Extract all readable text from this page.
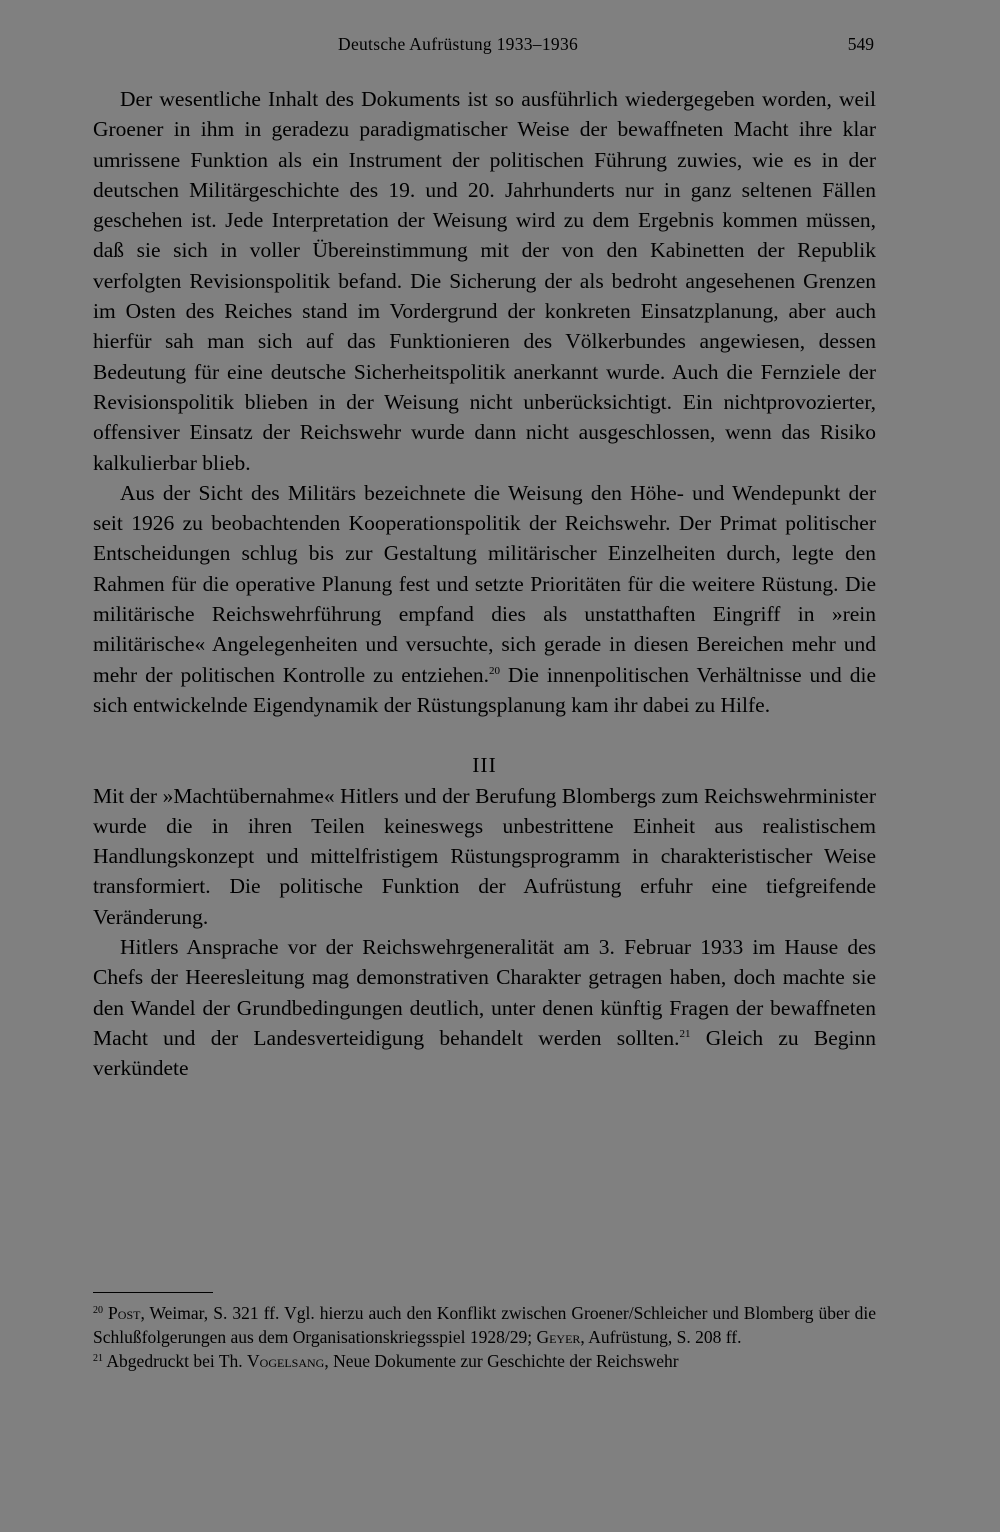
Deutsche Aufrüstung 1933–1936	549

Der wesentliche Inhalt des Dokuments ist so ausführlich wiedergegeben worden, weil Groener in ihm in geradezu paradigmatischer Weise der bewaffneten Macht ihre klar umrissene Funktion als ein Instrument der politischen Führung zuwies, wie es in der deutschen Militärgeschichte des 19. und 20. Jahrhunderts nur in ganz seltenen Fällen geschehen ist. Jede Interpretation der Weisung wird zu dem Ergebnis kommen müssen, daß sie sich in voller Übereinstimmung mit der von den Kabinetten der Republik verfolgten Revisionspolitik befand. Die Sicherung der als bedroht angesehenen Grenzen im Osten des Reiches stand im Vordergrund der konkreten Einsatzplanung, aber auch hierfür sah man sich auf das Funktionieren des Völkerbundes angewiesen, dessen Bedeutung für eine deutsche Sicherheitspolitik anerkannt wurde. Auch die Fernziele der Revisionspolitik blieben in der Weisung nicht unberücksichtigt. Ein nichtprovozierter, offensiver Einsatz der Reichswehr wurde dann nicht ausgeschlossen, wenn das Risiko kalkulierbar blieb.

Aus der Sicht des Militärs bezeichnete die Weisung den Höhe- und Wendepunkt der seit 1926 zu beobachtenden Kooperationspolitik der Reichswehr. Der Primat politischer Entscheidungen schlug bis zur Gestaltung militärischer Einzelheiten durch, legte den Rahmen für die operative Planung fest und setzte Prioritäten für die weitere Rüstung. Die militärische Reichswehrführung empfand dies als unstatthaften Eingriff in »rein militärische« Angelegenheiten und versuchte, sich gerade in diesen Bereichen mehr und mehr der politischen Kontrolle zu entziehen.$^{20}$ Die innenpolitischen Verhältnisse und die sich entwickelnde Eigendynamik der Rüstungsplanung kam ihr dabei zu Hilfe.

III

Mit der »Machtübernahme« Hitlers und der Berufung Blombergs zum Reichswehrminister wurde die in ihren Teilen keineswegs unbestrittene Einheit aus realistischem Handlungskonzept und mittelfristigem Rüstungsprogramm in charakteristischer Weise transformiert. Die politische Funktion der Aufrüstung erfuhr eine tiefgreifende Veränderung.

Hitlers Ansprache vor der Reichswehrgeneralität am 3. Februar 1933 im Hause des Chefs der Heeresleitung mag demonstrativen Charakter getragen haben, doch machte sie den Wandel der Grundbedingungen deutlich, unter denen künftig Fragen der bewaffneten Macht und der Landesverteidigung behandelt werden sollten.$^{21}$ Gleich zu Beginn verkündete

$^{20}$ Post, Weimar, S. 321 ff. Vgl. hierzu auch den Konflikt zwischen Groener/Schleicher und Blomberg über die Schlußfolgerungen aus dem Organisationskriegsspiel 1928/29; Geyer, Aufrüstung, S. 208 ff.

$^{21}$ Abgedruckt bei Th. Vogelsang, Neue Dokumente zur Geschichte der Reichswehr
